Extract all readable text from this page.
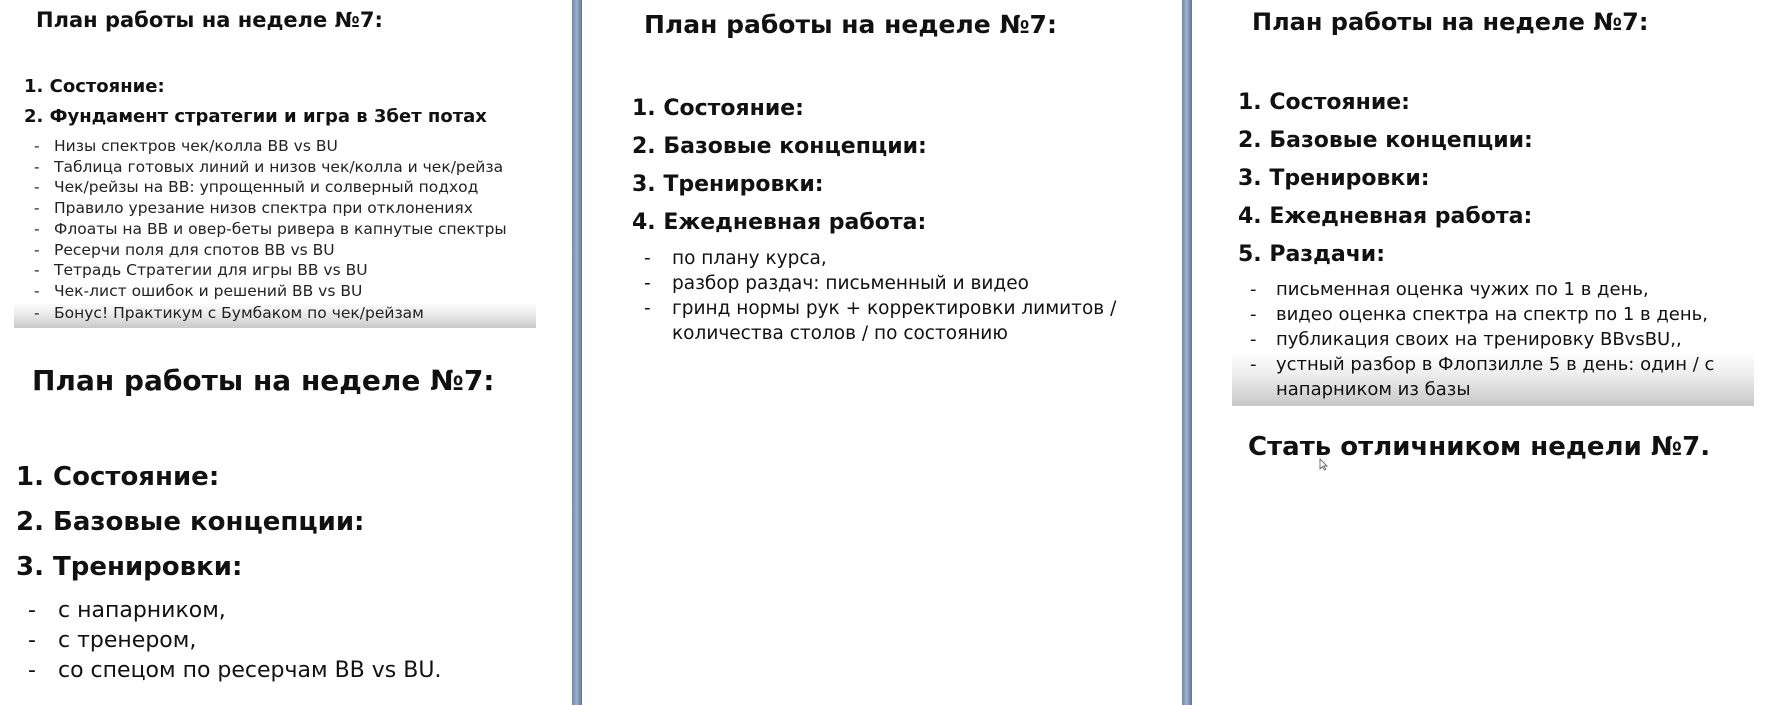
План работы на неделе №7:
1. Состояние:
2. Фундамент стратегии и игра в 3бет потах
- Низы спектров чек/колла BB vs BU
- Таблица готовых линий и низов чек/колла и чек/рейза
- Чек/рейзы на BB: упрощенный и солверный подход
- Правило урезание низов спектра при отклонениях
- Флоаты на BB и овер-беты ривера в капнутые спектры
- Ресерчи поля для спотов BB vs BU
- Тетрадь Стратегии для игры BB vs BU
- Чек-лист ошибок и решений BB vs BU
- Бонус! Практикум с Бумбаком по чек/рейзам
План работы на неделе №7:
1. Состояние:
2. Базовые концепции:
3. Тренировки:
- с напарником,
- с тренером,
- со спецом по ресерчам BB vs BU.
План работы на неделе №7:
1. Состояние:
2. Базовые концепции:
3. Тренировки:
4. Ежедневная работа:
- по плану курса,
- разбор раздач: письменный и видео
- гринд нормы рук + корректировки лимитов / количества столов / по состоянию
План работы на неделе №7:
1. Состояние:
2. Базовые концепции:
3. Тренировки:
4. Ежедневная работа:
5. Раздачи:
- письменная оценка чужих по 1 в день,
- видео оценка спектра на спектр по 1 в день,
- публикация своих на тренировку BBvsBU,,
- устный разбор в Флопзилле 5 в день: один / с напарником из базы
Стать отличником недели №7.
